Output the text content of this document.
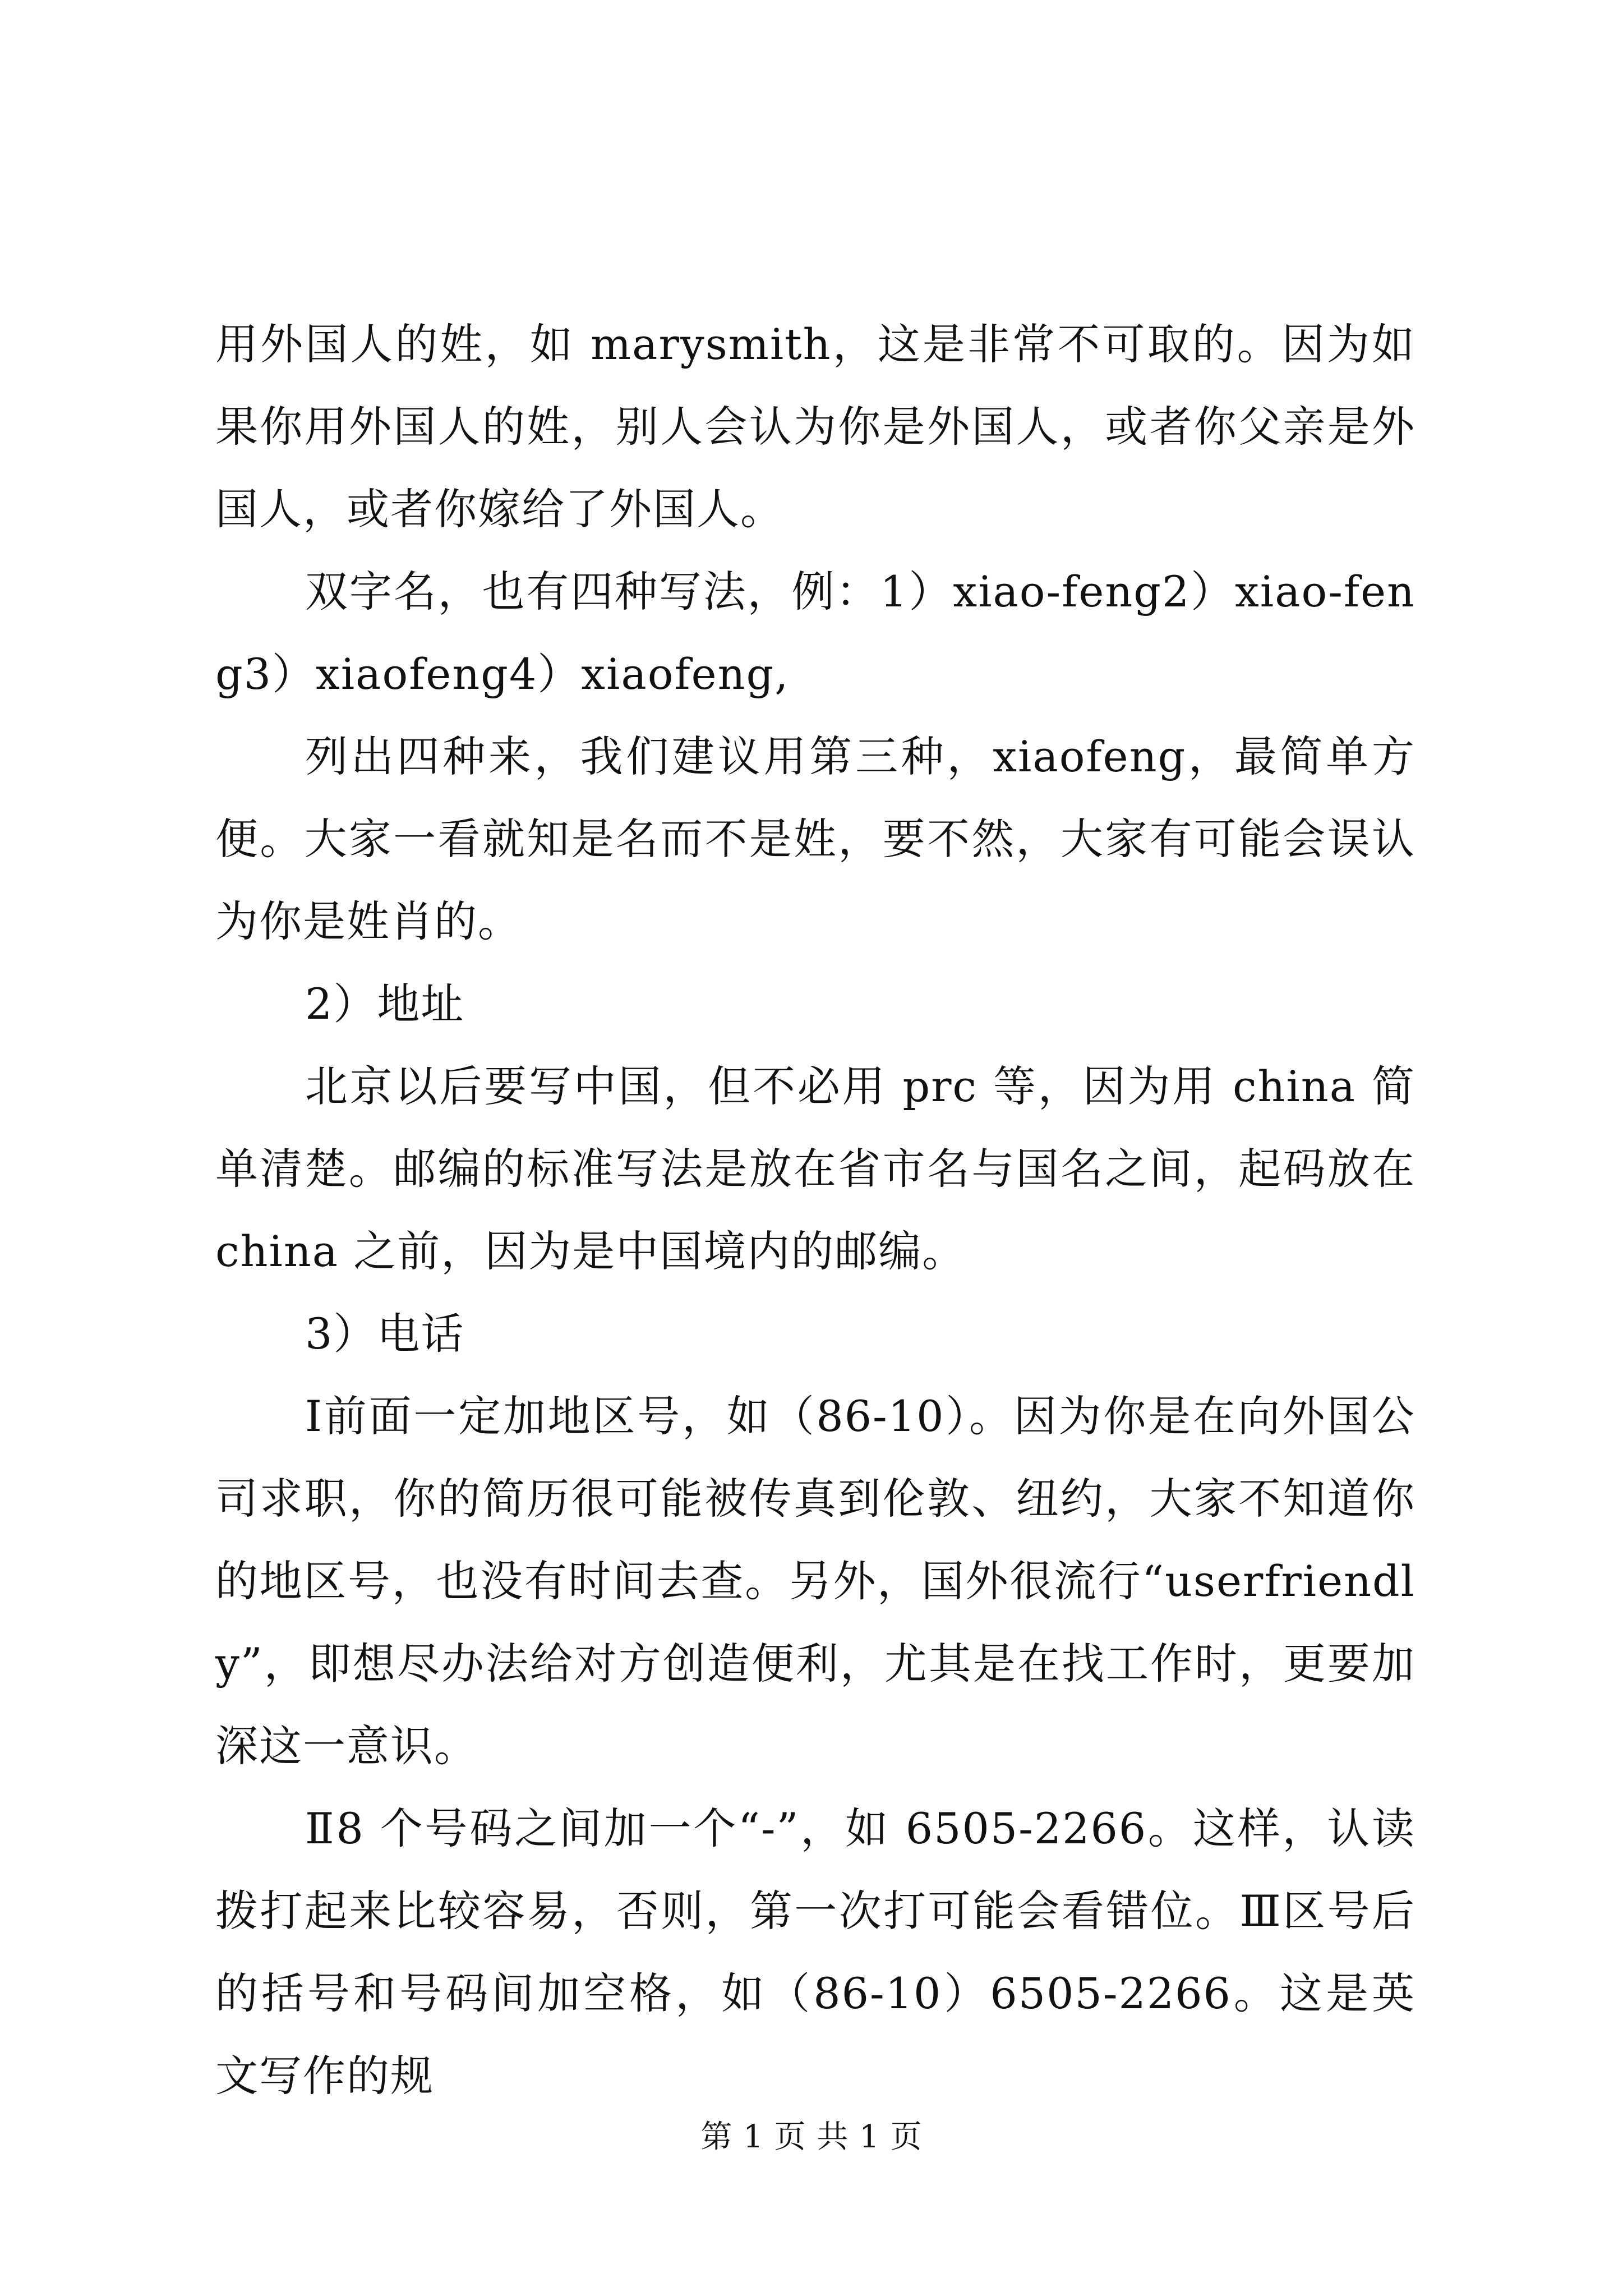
用外国人的姓，如 marysmith，这是非常不可取的。因为如果你用外国人的姓，别人会认为你是外国人，或者你父亲是外国人，或者你嫁给了外国人。

双字名，也有四种写法，例：1）xiao-feng2）xiao-feng3）xiaofeng4）xiaofeng,

列出四种来，我们建议用第三种，xiaofeng，最简单方便。大家一看就知是名而不是姓，要不然，大家有可能会误认为你是姓肖的。

2）地址

北京以后要写中国，但不必用 prc 等，因为用 china 简单清楚。邮编的标准写法是放在省市名与国名之间，起码放在 china 之前，因为是中国境内的邮编。

3）电话

Ⅰ前面一定加地区号，如（86-10）。因为你是在向外国公司求职，你的简历很可能被传真到伦敦、纽约，大家不知道你的地区号，也没有时间去查。另外，国外很流行“userfriendly”，即想尽办法给对方创造便利，尤其是在找工作时，更要加深这一意识。

Ⅱ8 个号码之间加一个“-”，如 6505-2266。这样，认读拨打起来比较容易，否则，第一次打可能会看错位。Ⅲ区号后的括号和号码间加空格，如（86-10）6505-2266。这是英文写作的规

第 1 页 共 1 页
